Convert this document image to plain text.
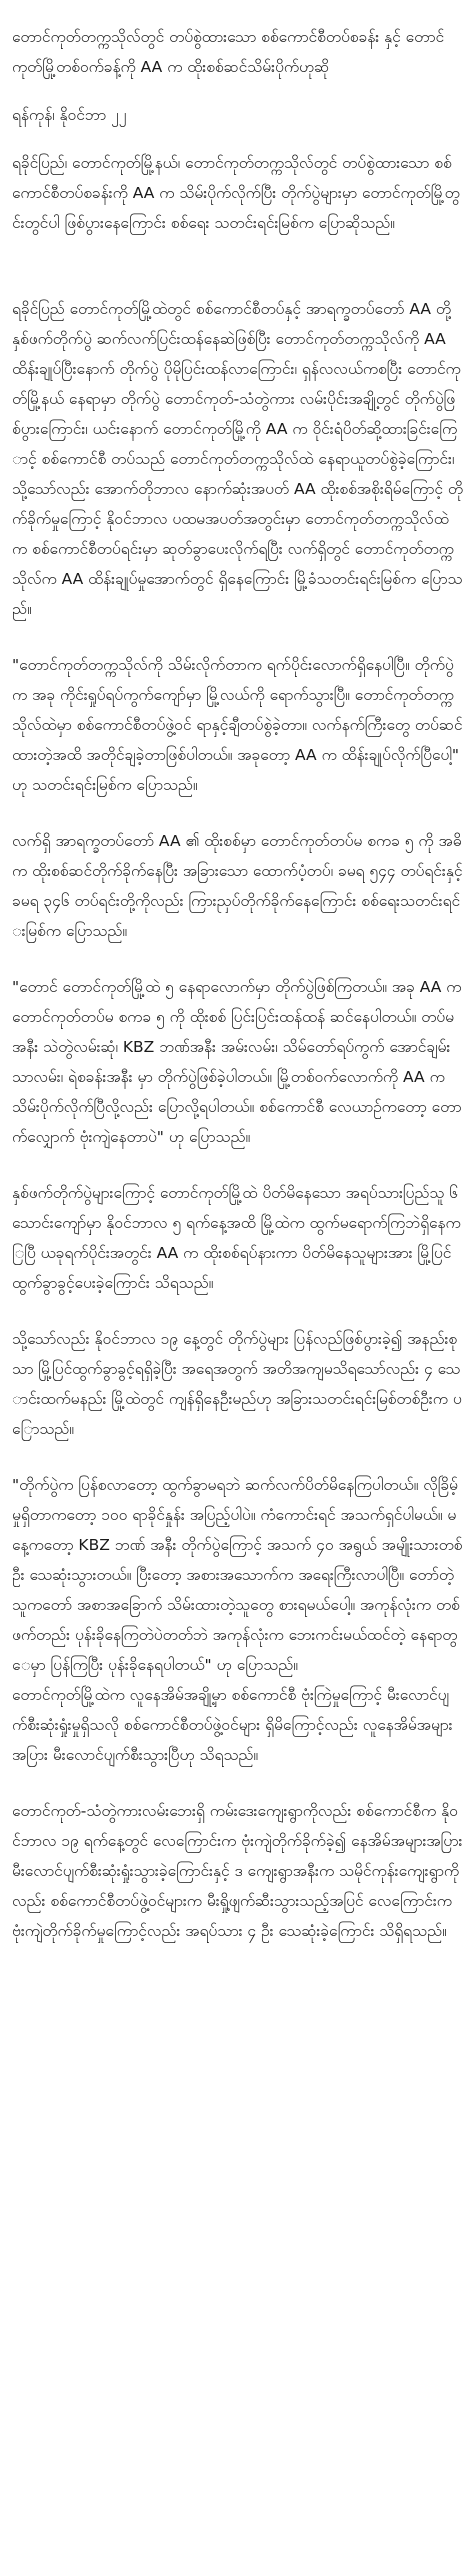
တောင်ကုတ်တက္ကသိုလ်တွင် တပ်စွဲထားသော စစ်ကောင်စီတပ်စခန်း နှင့် တောင်ကုတ်မြို့တစ်ဝက်ခန့်ကို AA က ထိုးစစ်ဆင်သိမ်းပိုက်ဟုဆို

ရန်ကုန်၊ နိုဝင်ဘာ ၂၂

ရခိုင်ပြည်၊ တောင်ကုတ်မြို့နယ်၊ တောင်ကုတ်တက္ကသိုလ်တွင် တပ်စွဲထားသော စစ်ကောင်စီတပ်စခန်းကို AA က သိမ်းပိုက်လိုက်ပြီး တိုက်ပွဲများမှာ တောင်ကုတ်မြို့တွင်းတွင်ပါ ဖြစ်ပွားနေကြောင်း စစ်ရေး သတင်းရင်းမြစ်က ပြောဆိုသည်။

ရခိုင်ပြည် တောင်ကုတ်မြို့ထဲတွင် စစ်ကောင်စီတပ်နှင့် အာရက္ခတပ်တော် AA တို့ နှစ်ဖက်တိုက်ပွဲ ဆက်လက်ပြင်းထန်နေဆဲဖြစ်ပြီး တောင်ကုတ်တက္ကသိုလ်ကို AA ထိန်းချုပ်ပြီးနောက် တိုက်ပွဲ ပိုမိုပြင်းထန်လာကြောင်း၊ ရှန်လလယ်ကစပြီး တောင်ကုတ်မြို့နယ် နေရာမှာ တိုက်ပွဲ တောင်ကုတ်-သံတွဲကား လမ်းပိုင်းအချို့တွင် တိုက်ပွဲဖြစ်ပွားကြောင်း၊ ယင်းနောက် တောင်ကုတ်မြို့ကို AA က ဝိုင်းရံပိတ်ဆို့ထားခြင်းကြောင့် စစ်ကောင်စီ တပ်သည် တောင်ကုတ်တက္ကသိုလ်ထဲ နေရာယူတပ်စွဲခဲ့ကြောင်း၊ သို့သော်လည်း အောက်တိုဘာလ နောက်ဆုံးအပတ် AA ထိုးစစ်အစိုးရိမ်ကြောင့် တိုက်ခိုက်မှုကြောင့် နိုဝင်ဘာလ ပထမအပတ်အတွင်းမှာ တောင်ကုတ်တက္ကသိုလ်ထဲက စစ်ကောင်စီတပ်ရင်းမှာ ဆုတ်ခွာပေးလိုက်ရပြီး လက်ရှိတွင် တောင်ကုတ်တက္ကသိုလ်က AA ထိန်းချုပ်မှုအောက်တွင် ရှိနေကြောင်း မြို့ခံသတင်းရင်းမြစ်က ပြောသည်။

"တောင်ကုတ်တက္ကသိုလ်ကို သိမ်းလိုက်တာက ရက်ပိုင်းလောက်ရှိနေပါပြီ။ တိုက်ပွဲက အခု ကိုင်းရှုပ်ရပ်ကွက်ကျော်မှာ မြို့လယ်ကို ရောက်သွားပြီ။ တောင်ကုတ်တက္ကသိုလ်ထဲမှာ စစ်ကောင်စီတပ်ဖွဲ့ဝင် ရာနှင့်ချီတပ်စွဲခဲ့တာ။ လက်နက်ကြီးတွေ တပ်ဆင်ထားတဲ့အထိ အတိုင်ချခဲ့တာဖြစ်ပါတယ်။ အခုတော့ AA က ထိန်းချုပ်လိုက်ပြီပေါ့" ဟု သတင်းရင်းမြစ်က ပြောသည်။

လက်ရှိ အာရက္ခတပ်တော် AA ၏ ထိုးစစ်မှာ တောင်ကုတ်တပ်မ စကခ ၅ ကို အဓိက ထိုးစစ်ဆင်တိုက်ခိုက်နေပြီး အခြားသော ထောက်ပံ့တပ်၊ ခမရ ၅၄၄ တပ်ရင်းနှင့် ခမရ ၃၄၆ တပ်ရင်းတို့ကိုလည်း ကြားညှပ်တိုက်ခိုက်နေကြောင်း စစ်ရေးသတင်းရင်းမြစ်က ပြောသည်။

"တောင် တောင်ကုတ်မြို့ထဲ ၅ နေရာလောက်မှာ တိုက်ပွဲဖြစ်ကြတယ်။ အခု AA က တောင်ကုတ်တပ်မ စကခ ၅ ကို ထိုးစစ် ပြင်းပြင်းထန်ထန် ဆင်နေပါတယ်။ တပ်မအနီး သဲတွဲလမ်းဆုံ၊ KBZ ဘဏ်အနီး အမ်းလမ်း၊ သိမ်တော်ရပ်ကွက် အောင်ချမ်းသာလမ်း၊ ရဲစခန်းအနီး မှာ တိုက်ပွဲဖြစ်ခဲ့ပါတယ်။ မြို့တစ်ဝက်လောက်ကို AA က သိမ်းပိုက်လိုက်ပြီလို့လည်း ပြောလို့ရပါတယ်။ စစ်ကောင်စီ လေယာဉ်ကတော့ တောက်လျှောက် ဗုံးကျဲနေတာပဲ" ဟု ပြောသည်။

နှစ်ဖက်တိုက်ပွဲများကြောင့် တောင်ကုတ်မြို့ထဲ ပိတ်မိနေသော အရပ်သားပြည်သူ ၆ သောင်းကျော်မှာ နိုဝင်ဘာလ ၅ ရက်နေ့အထိ မြို့ထဲက ထွက်မရောက်ကြဘဲရှိနေကြပြီ ယခုရက်ပိုင်းအတွင်း AA က ထိုးစစ်ရပ်နားကာ ပိတ်မိနေသူများအား မြို့ပြင်ထွက်ခွာခွင့်ပေးခဲ့ကြောင်း သိရသည်။

သို့သော်လည်း နိုဝင်ဘာလ ၁၉ နေ့တွင် တိုက်ပွဲများ ပြန်လည်ဖြစ်ပွားခဲ့၍ အနည်းစုသာ မြို့ပြင်ထွက်ခွာခွင့်ရရှိခဲ့ပြီး အရေအတွက် အတိအကျမသိရသော်လည်း ၄ သောင်းထက်မနည်း မြို့ထဲတွင် ကျန်ရှိနေဦးမည်ဟု အခြားသတင်းရင်းမြစ်တစ်ဦးက ပြောသည်။

"တိုက်ပွဲက ပြန်စလာတော့ ထွက်ခွာမရဘဲ ဆက်လက်ပိတ်မိနေကြပါတယ်။ လိုခြိမ့်မှုရှိတာကတော့ ၁၀၀ ရာခိုင်နှုန်း အပြည့်ပါပဲ။ ကံကောင်းရင် အသက်ရှင်ပါမယ်။ မနေ့ကတော့ KBZ ဘဏ် အနီး တိုက်ပွဲကြောင့် အသက် ၄၀ အရွယ် အမျိုးသားတစ်ဦး သေဆုံးသွားတယ်။ ပြီးတော့ အစားအသောက်က အရေးကြီးလာပါပြီ။ တော်တဲ့သူကတော် အစာအခြောက် သိမ်းထားတဲ့သူတွေ စားရမယ်ပေါ့။ အကုန်လုံးက တစ်ဖက်တည်း ပုန်းခိုနေကြတဲပဲတတ်ဘဲ အကုန်လုံးက ဘေးကင်းမယ်ထင်တဲ့ နေရာတွေမှာ ပြန်ကြပြီး ပုန်းခိုနေရပါတယ်" ဟု ပြောသည်။

တောင်ကုတ်မြို့ထဲက လူနေအိမ်အချို့မှာ စစ်ကောင်စီ ဗုံးကြဲမှုကြောင့် မီးလောင်ပျက်စီးဆုံးရှုံးမှုရှိသလို စစ်ကောင်စီတပ်ဖွဲ့ဝင်များ ရှိမိကြောင့်လည်း လူနေအိမ်အများအပြား မီးလောင်ပျက်စီးသွားပြီဟု သိရသည်။

တောင်ကုတ်-သံတွဲကားလမ်းဘေးရှိ ကမ်းဒေးကျေးရွာကိုလည်း စစ်ကောင်စီက နိုဝင်ဘာလ ၁၉ ရက်နေ့တွင် လေကြောင်းက ဗုံးကျဲတိုက်ခိုက်ခဲ့၍ နေအိမ်အများအပြား မီးလောင်ပျက်စီးဆုံးရှုံးသွားခဲ့ကြောင်းနှင့် ဒ ကျေးရွာအနီးက သမိုင်ကုန်းကျေးရွာကိုလည်း စစ်ကောင်စီတပ်ဖွဲ့ဝင်များက မီးရှို့ဖျက်ဆီးသွားသည့်အပြင် လေကြောင်းက ဗုံးကျဲတိုက်ခိုက်မှုကြောင့်လည်း အရပ်သား ၄ ဦး သေဆုံးခဲ့ကြောင်း သိရှိရသည်။
